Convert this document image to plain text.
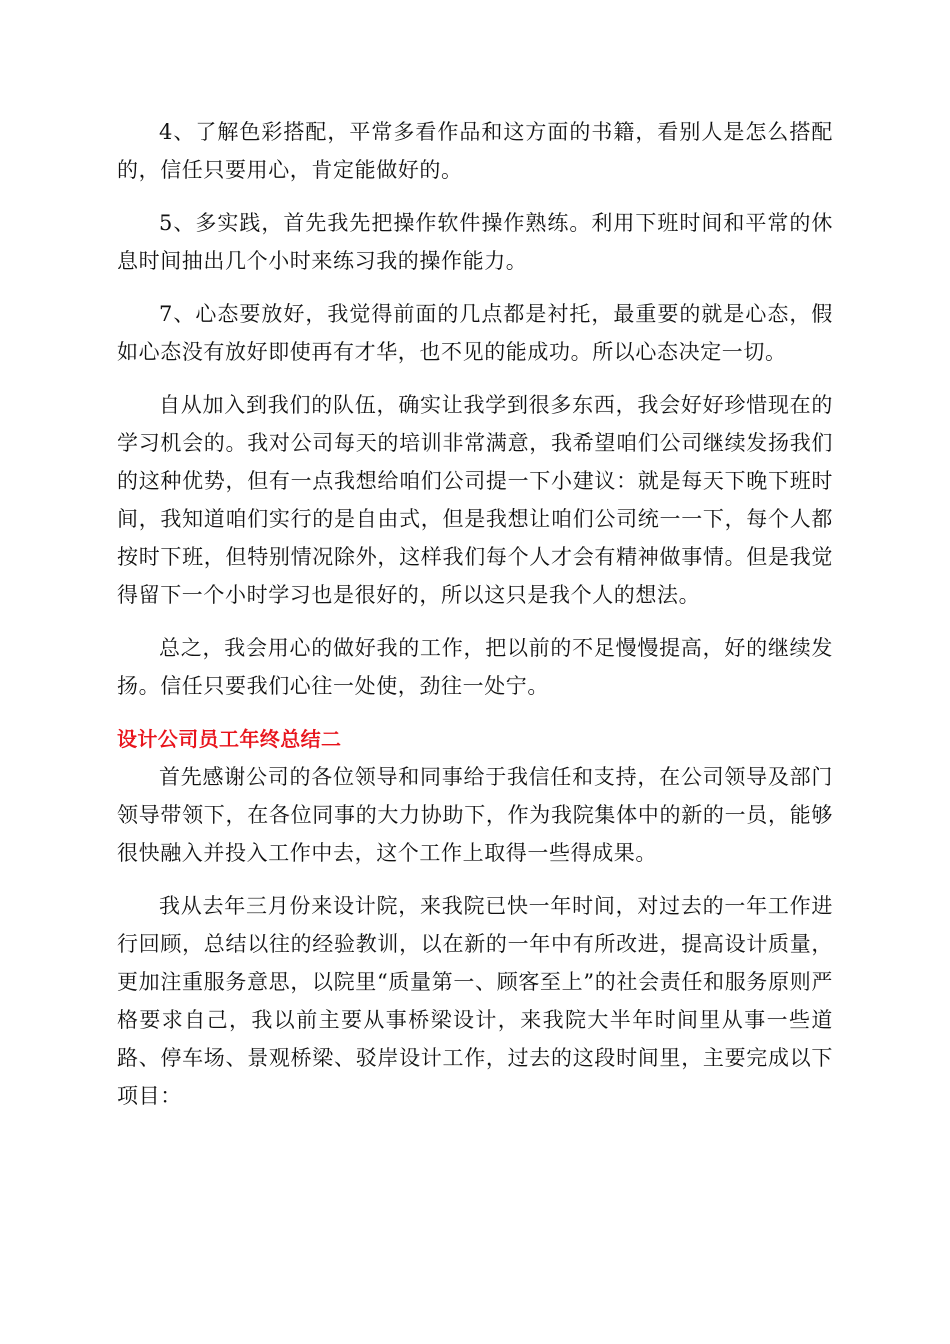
4、了解色彩搭配，平常多看作品和这方面的书籍，看别人是怎么搭配的，信任只要用心，肯定能做好的。

5、多实践，首先我先把操作软件操作熟练。利用下班时间和平常的休息时间抽出几个小时来练习我的操作能力。

7、心态要放好，我觉得前面的几点都是衬托，最重要的就是心态，假如心态没有放好即使再有才华，也不见的能成功。所以心态决定一切。

自从加入到我们的队伍，确实让我学到很多东西，我会好好珍惜现在的学习机会的。我对公司每天的培训非常满意，我希望咱们公司继续发扬我们的这种优势，但有一点我想给咱们公司提一下小建议：就是每天下晚下班时间，我知道咱们实行的是自由式，但是我想让咱们公司统一一下，每个人都按时下班，但特别情况除外，这样我们每个人才会有精神做事情。但是我觉得留下一个小时学习也是很好的，所以这只是我个人的想法。

总之，我会用心的做好我的工作，把以前的不足慢慢提高，好的继续发扬。信任只要我们心往一处使，劲往一处宁。

设计公司员工年终总结二

首先感谢公司的各位领导和同事给于我信任和支持，在公司领导及部门领导带领下，在各位同事的大力协助下，作为我院集体中的新的一员，能够很快融入并投入工作中去，这个工作上取得一些得成果。

我从去年三月份来设计院，来我院已快一年时间，对过去的一年工作进行回顾，总结以往的经验教训，以在新的一年中有所改进，提高设计质量，更加注重服务意思，以院里“质量第一、顾客至上”的社会责任和服务原则严格要求自己，我以前主要从事桥梁设计，来我院大半年时间里从事一些道路、停车场、景观桥梁、驳岸设计工作，过去的这段时间里，主要完成以下项目：
